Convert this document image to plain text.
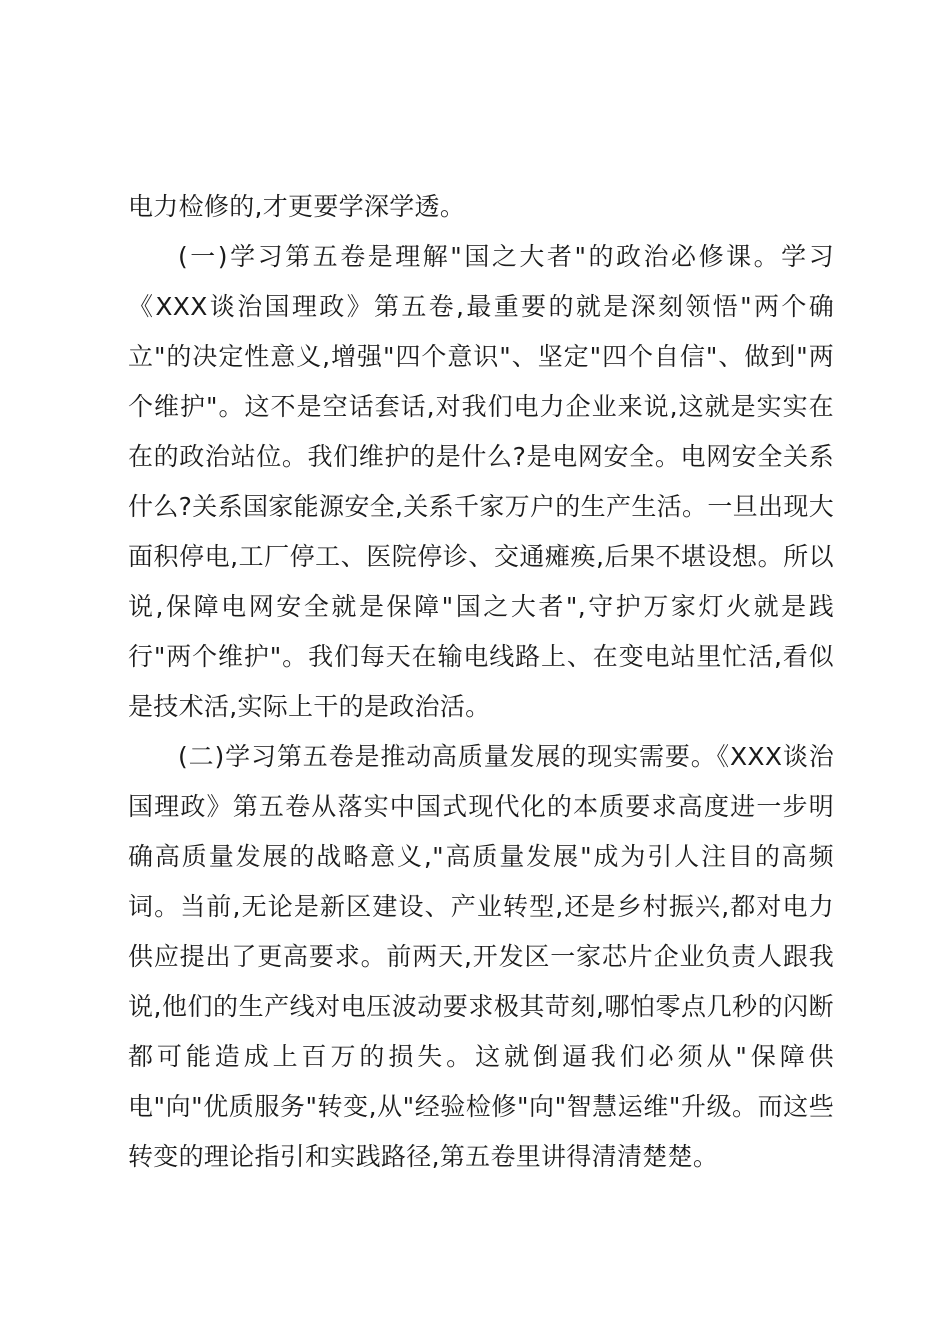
电力检修的,才更要学深学透。

(一)学习第五卷是理解"国之大者"的政治必修课。学习《XXX谈治国理政》第五卷,最重要的就是深刻领悟"两个确立"的决定性意义,增强"四个意识"、坚定"四个自信"、做到"两个维护"。这不是空话套话,对我们电力企业来说,这就是实实在在的政治站位。我们维护的是什么?是电网安全。电网安全关系什么?关系国家能源安全,关系千家万户的生产生活。一旦出现大面积停电,工厂停工、医院停诊、交通瘫痪,后果不堪设想。所以说,保障电网安全就是保障"国之大者",守护万家灯火就是践行"两个维护"。我们每天在输电线路上、在变电站里忙活,看似是技术活,实际上干的是政治活。

(二)学习第五卷是推动高质量发展的现实需要。《XXX谈治国理政》第五卷从落实中国式现代化的本质要求高度进一步明确高质量发展的战略意义,"高质量发展"成为引人注目的高频词。当前,无论是新区建设、产业转型,还是乡村振兴,都对电力供应提出了更高要求。前两天,开发区一家芯片企业负责人跟我说,他们的生产线对电压波动要求极其苛刻,哪怕零点几秒的闪断都可能造成上百万的损失。这就倒逼我们必须从"保障供电"向"优质服务"转变,从"经验检修"向"智慧运维"升级。而这些转变的理论指引和实践路径,第五卷里讲得清清楚楚。
